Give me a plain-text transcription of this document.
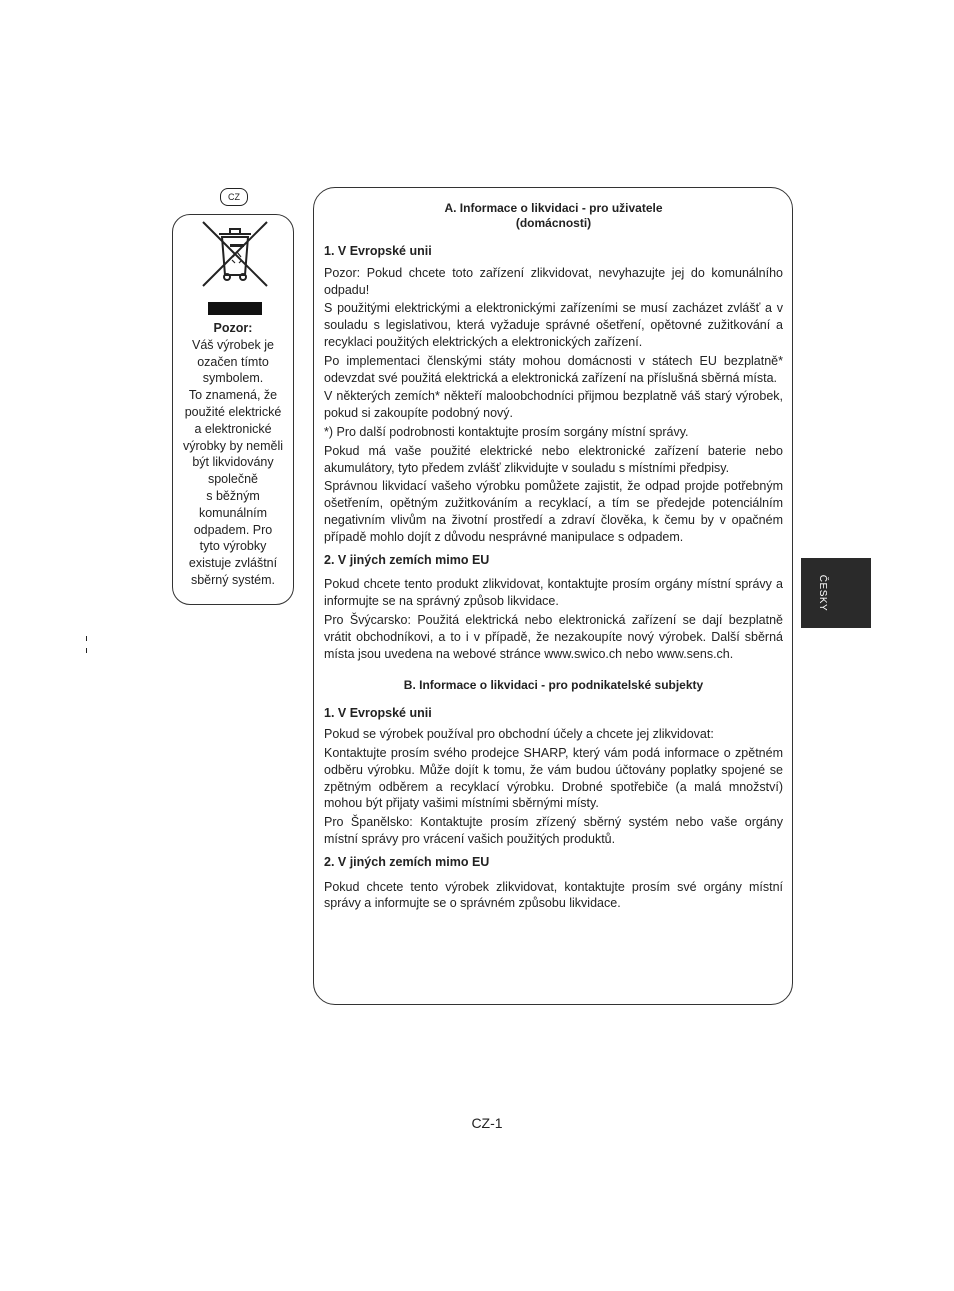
CZ
Pozor:
Váš výrobek je
ozačen tímto
symbolem.
To znamená, že
použité elektrické
a elektronické
výrobky by neměli
být likvidovány
společně
s běžným
komunálním
odpadem. Pro
tyto výrobky
existuje zvláštní
sběrný systém.

A. Informace o likvidaci - pro uživatele
(domácnosti)

1. V Evropské unii

Pozor: Pokud chcete toto zařízení zlikvidovat, nevyhazujte jej do komunálního odpadu!

S použitými elektrickými a elektronickými zařízeními se musí zacházet zvlášť a v souladu s legislativou, která vyžaduje správné ošetření, opětovné zužitkování a recyklaci použitých elektrických a elektronických zařízení.

Po implementaci členskými státy mohou domácnosti v státech EU bezplatně* odevzdat své použitá elektrická a elektronická zařízení na příslušná sběrná místa.

V některých zemích* někteří maloobchodníci přijmou bezplatně váš starý výrobek, pokud si zakoupíte podobný nový.

*) Pro další podrobnosti kontaktujte prosím sorgány místní správy.

Pokud má vaše použité elektrické nebo elektronické zařízení baterie nebo akumulátory, tyto předem zvlášť zlikvidujte v souladu s místními předpisy.

Správnou likvidací vašeho výrobku pomůžete zajistit, že odpad projde potřebným ošetřením, opětným zužitkováním a recyklací, a tím se předejde potenciálním negativním vlivům na životní prostředí a zdraví člověka, k čemu by v opačném případě mohlo dojít z důvodu nesprávné manipulace s odpadem.

2. V jiných zemích mimo EU

Pokud chcete tento produkt zlikvidovat, kontaktujte prosím orgány místní správy a informujte se na správný způsob likvidace.

Pro Švýcarsko: Použitá elektrická nebo elektronická zařízení se dají bezplatně vrátit obchodníkovi, a to i v případě, že nezakoupíte nový výrobek. Další sběrná místa jsou uvedena na webové stránce www.swico.ch nebo www.sens.ch.

B. Informace o likvidaci - pro podnikatelské subjekty

1. V Evropské unii

Pokud se výrobek používal pro obchodní účely a chcete jej zlikvidovat:

Kontaktujte prosím svého prodejce SHARP, který vám podá informace o zpětném odběru výrobku. Může dojít k tomu, že vám budou účtovány poplatky spojené se zpětným odběrem a recyklací výrobku. Drobné spotřebiče (a malá množství) mohou být přijaty vašimi místními sběrnými místy.

Pro Španělsko: Kontaktujte prosím zřízený sběrný systém nebo vaše orgány místní správy pro vrácení vašich použitých produktů.

2. V jiných zemích mimo EU

Pokud chcete tento výrobek zlikvidovat, kontaktujte prosím své orgány místní správy a informujte se o správném způsobu likvidace.

ČESKY
CZ-1
